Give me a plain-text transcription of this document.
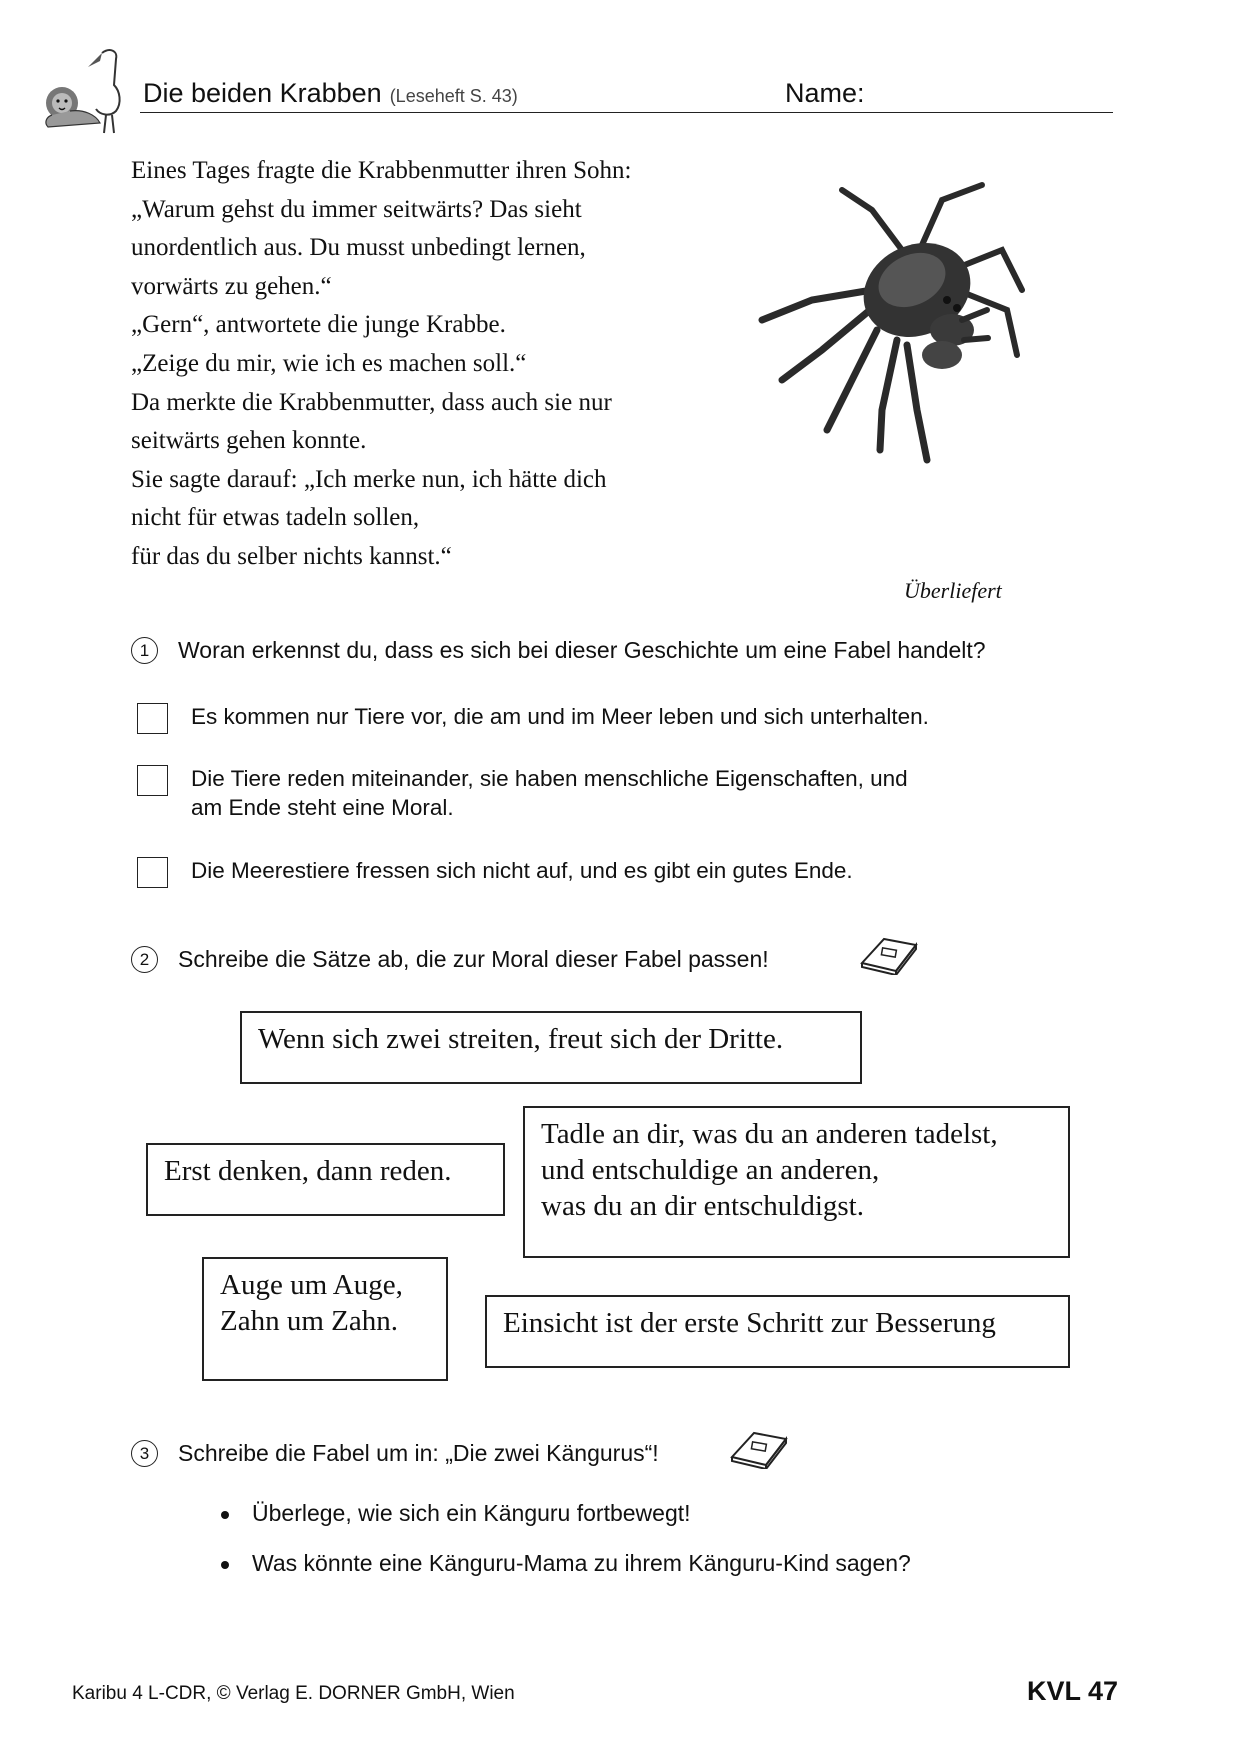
Die beiden Krabben (Leseheft S. 43)	Name:
Eines Tages fragte die Krabbenmutter ihren Sohn:
„Warum gehst du immer seitwärts? Das sieht
unordentlich aus. Du musst unbedingt lernen,
vorwärts zu gehen.“
„Gern“, antwortete die junge Krabbe.
„Zeige du mir, wie ich es machen soll.“
Da merkte die Krabbenmutter, dass auch sie nur
seitwärts gehen konnte.
Sie sagte darauf: „Ich merke nun, ich hätte dich
nicht für etwas tadeln sollen,
für das du selber nichts kannst.“
Überliefert
1	Woran erkennst du, dass es sich bei dieser Geschichte um eine Fabel handelt?
Es kommen nur Tiere vor, die am und im Meer leben und sich unterhalten.
Die Tiere reden miteinander, sie haben menschliche Eigenschaften, und
am Ende steht eine Moral.
Die Meerestiere fressen sich nicht auf, und es gibt ein gutes Ende.
2	Schreibe die Sätze ab, die zur Moral dieser Fabel passen!
Wenn sich zwei streiten, freut sich der Dritte.
Erst denken, dann reden.
Tadle an dir, was du an anderen tadelst,
und entschuldige an anderen,
was du an dir entschuldigst.
Auge um Auge,
Zahn um Zahn.	Einsicht ist der erste Schritt zur Besserung
3	Schreibe die Fabel um in: „Die zwei Kängurus“!
Überlege, wie sich ein Känguru fortbewegt!
Was könnte eine Känguru-Mama zu ihrem Känguru-Kind sagen?
Karibu 4 L-CDR, © Verlag E. DORNER GmbH, Wien	KVL 47
